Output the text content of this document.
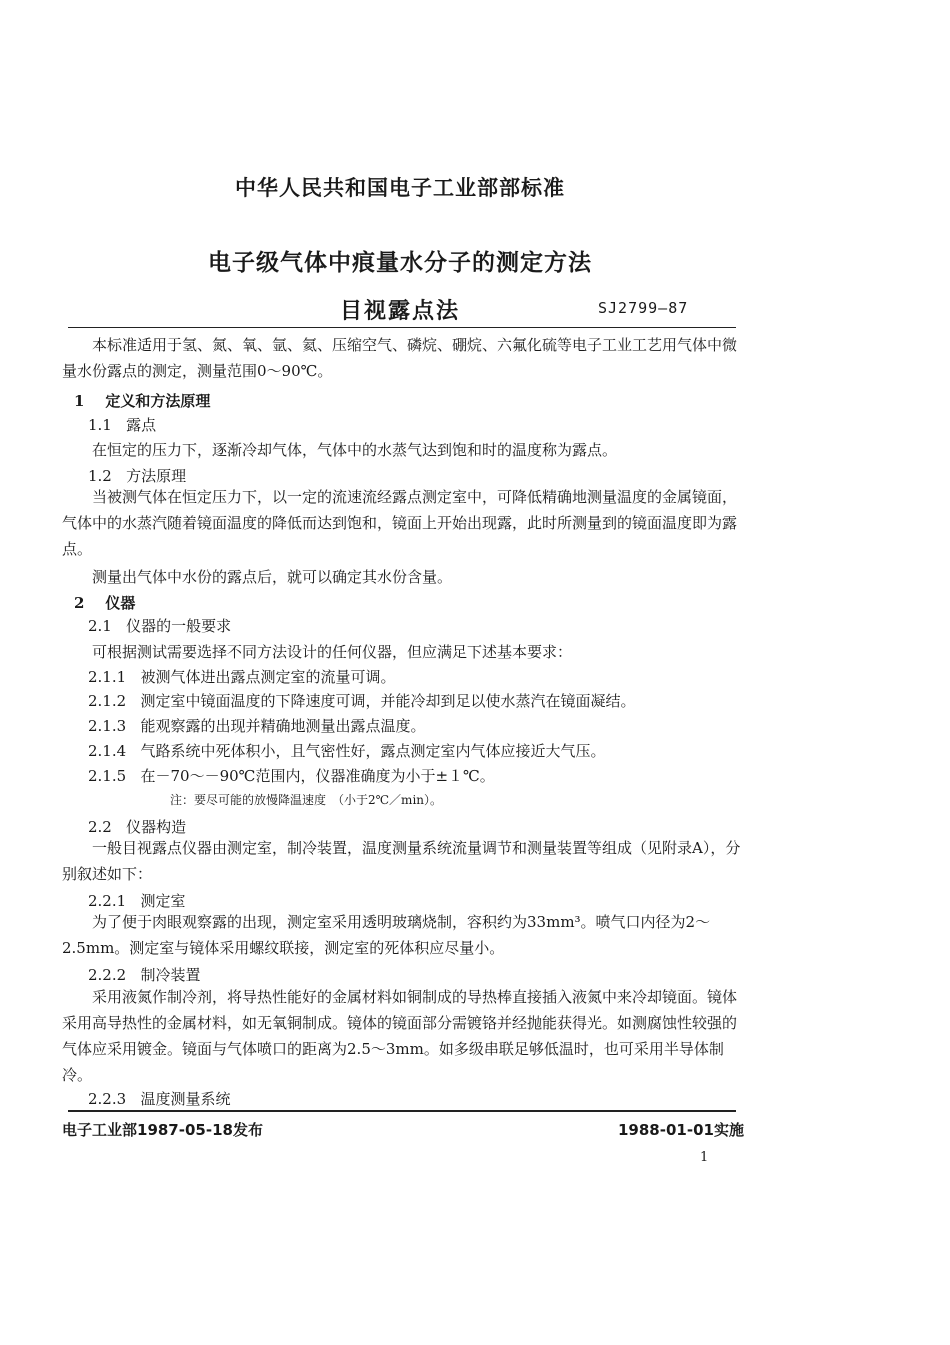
中华人民共和国电子工业部部标准
电子级气体中痕量水分子的测定方法
目视露点法	SJ2799—87
本标准适用于氢、氮、氧、氩、氦、压缩空气、磷烷、硼烷、六氟化硫等电子工业工艺用气体中微量水份露点的测定，测量范围0～90℃。
1 定义和方法原理
1.1 露点
在恒定的压力下，逐渐冷却气体，气体中的水蒸气达到饱和时的温度称为露点。
1.2 方法原理
当被测气体在恒定压力下，以一定的流速流经露点测定室中，可降低精确地测量温度的金属镜面，气体中的水蒸汽随着镜面温度的降低而达到饱和，镜面上开始出现露，此时所测量到的镜面温度即为露点。
测量出气体中水份的露点后，就可以确定其水份含量。
2 仪器
2.1 仪器的一般要求
可根据测试需要选择不同方法设计的任何仪器，但应满足下述基本要求：
2.1.1 被测气体进出露点测定室的流量可调。
2.1.2 测定室中镜面温度的下降速度可调，并能冷却到足以使水蒸汽在镜面凝结。
2.1.3 能观察露的出现并精确地测量出露点温度。
2.1.4 气路系统中死体积小，且气密性好，露点测定室内气体应接近大气压。
2.1.5 在－70～－90℃范围内，仪器准确度为小于±１℃。
注：要尽可能的放慢降温速度　（小于2℃／min）。
2.2 仪器构造
一般目视露点仪器由测定室，制冷装置，温度测量系统流量调节和测量装置等组成（见附录A），分别叙述如下：
2.2.1 测定室
为了便于肉眼观察露的出现，测定室采用透明玻璃烧制，容积约为33mm³。喷气口内径为2～2.5mm。测定室与镜体采用螺纹联接，测定室的死体积应尽量小。
2.2.2 制冷装置
采用液氮作制冷剂，将导热性能好的金属材料如铜制成的导热棒直接插入液氮中来冷却镜面。镜体采用高导热性的金属材料，如无氧铜制成。镜体的镜面部分需镀铬并经抛能获得光。如测腐蚀性较强的气体应采用镀金。镜面与气体喷口的距离为2.5～3mm。如多级串联足够低温时，也可采用半导体制冷。
2.2.3 温度测量系统
电子工业部1987-05-18发布	1988-01-01实施
1
